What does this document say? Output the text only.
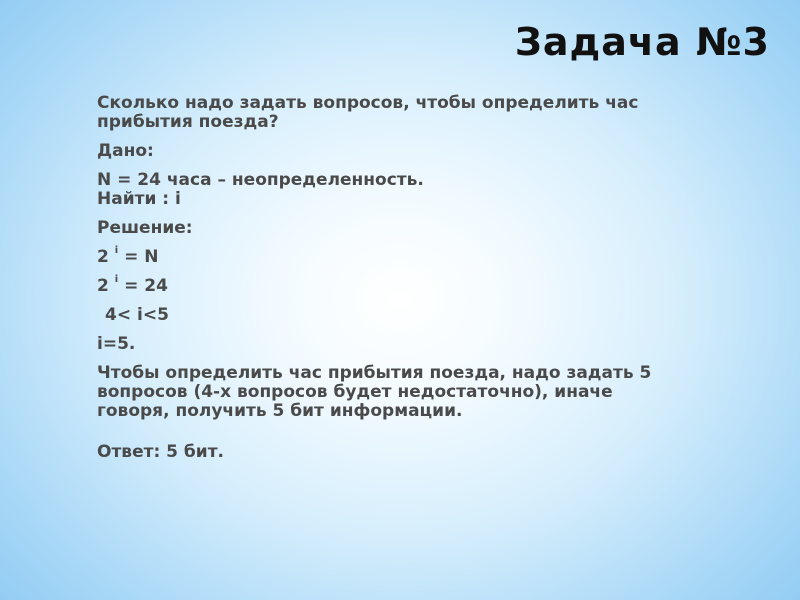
Задача №3
Сколько надо задать вопросов, чтобы определить час
прибытия поезда?
Дано:
N = 24 часа – неопределенность.
Найти : i
Решение:
2 $^i$ = N
2 $^i$ = 24
4< i<5
i=5.
Чтобы определить час прибытия поезда, надо задать 5
вопросов (4-х вопросов будет недостаточно), иначе
говоря, получить 5 бит информации.
Ответ: 5 бит.
